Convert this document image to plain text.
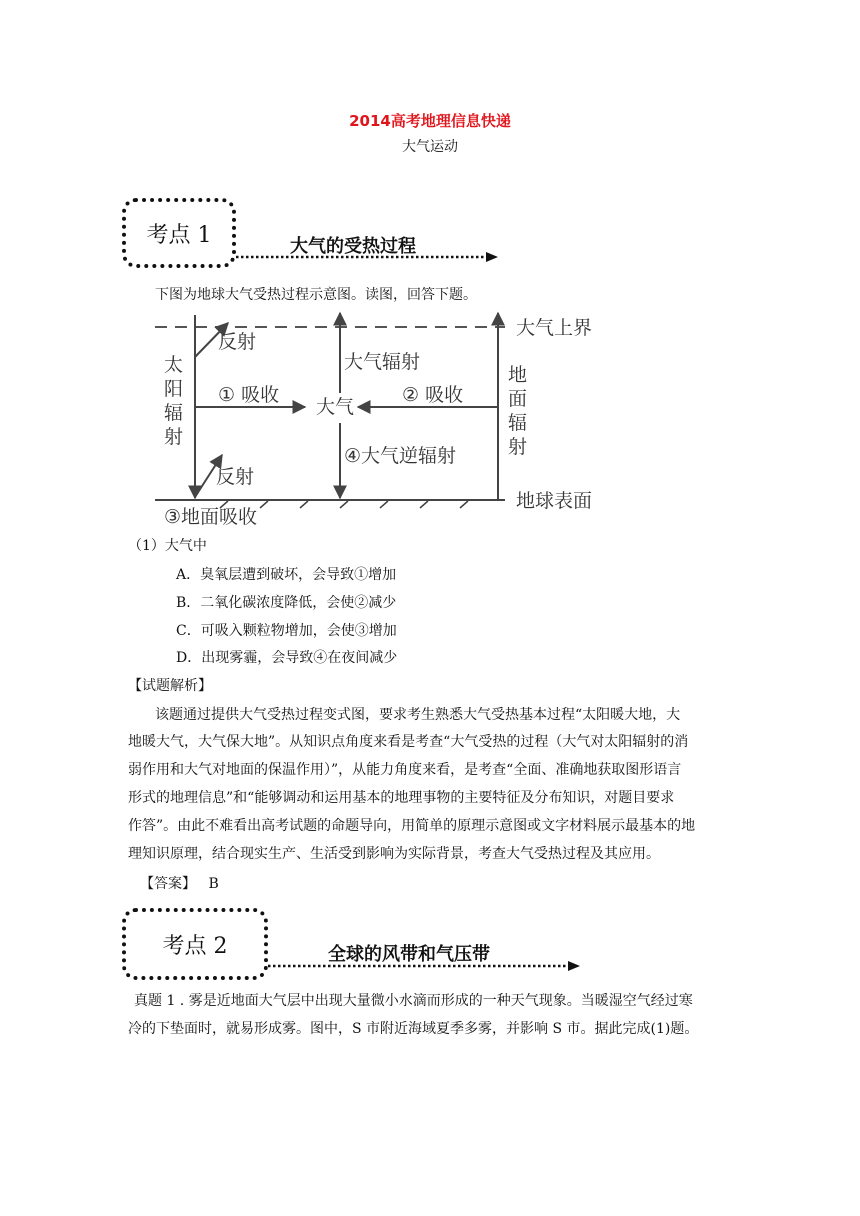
2014高考地理信息快递
大气运动
考点 1	大气的受热过程
下图为地球大气受热过程示意图。读图，回答下题。
大气上界
地球表面
太
阳
辐
射
反射
反射
① 吸收
大气
大气辐射
④大气逆辐射
② 吸收
地
面
辐
射
③地面吸收
（1）大气中
A．臭氧层遭到破坏，会导致①增加
B．二氧化碳浓度降低，会使②减少
C．可吸入颗粒物增加，会使③增加
D．出现雾霾，会导致④在夜间减少
【试题解析】
该题通过提供大气受热过程变式图，要求考生熟悉大气受热基本过程“太阳暖大地，大
地暖大气，大气保大地”。从知识点角度来看是考查“大气受热的过程（大气对太阳辐射的消
弱作用和大气对地面的保温作用）”，从能力角度来看，是考查“全面、准确地获取图形语言
形式的地理信息”和“能够调动和运用基本的地理事物的主要特征及分布知识，对题目要求
作答”。由此不难看出高考试题的命题导向，用简单的原理示意图或文字材料展示最基本的地
理知识原理，结合现实生产、生活受到影响为实际背景，考查大气受热过程及其应用。
【答案】 B
考点 2	全球的风带和气压带
真题 1 . 雾是近地面大气层中出现大量微小水滴而形成的一种天气现象。当暖湿空气经过寒
冷的下垫面时，就易形成雾。图中，S 市附近海域夏季多雾，并影响 S 市。据此完成(1)题。
